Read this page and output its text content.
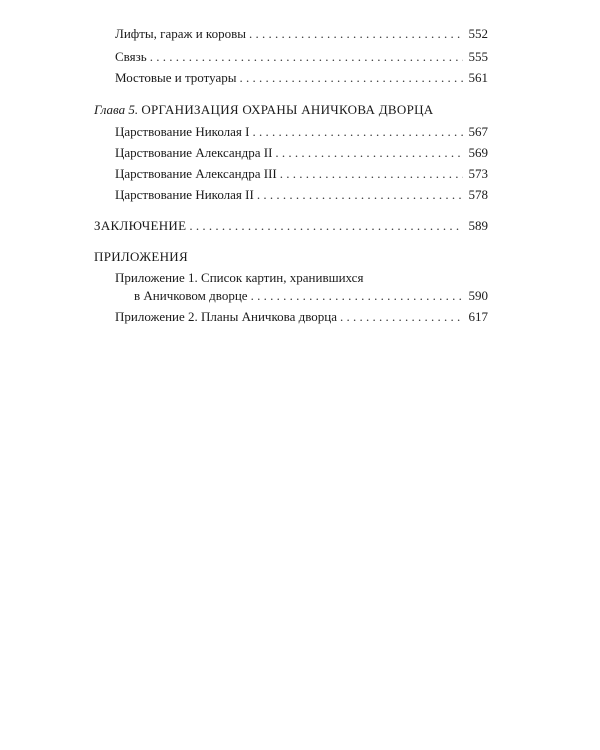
Лифты, гараж и коровы . . .	552
Связь . . .	555
Мостовые и тротуары . . .	561
Глава 5. ОРГАНИЗАЦИЯ ОХРАНЫ АНИЧКОВА ДВОРЦА
Царствование Николая I . . .	567
Царствование Александра II . . .	569
Царствование Александра III . . .	573
Царствование Николая II . . .	578
ЗАКЛЮЧЕНИЕ . . .	589
ПРИЛОЖЕНИЯ
Приложение 1. Список картин, хранившихся
в Аничковом дворце . . .	590
Приложение 2. Планы Аничкова дворца . . .	617
